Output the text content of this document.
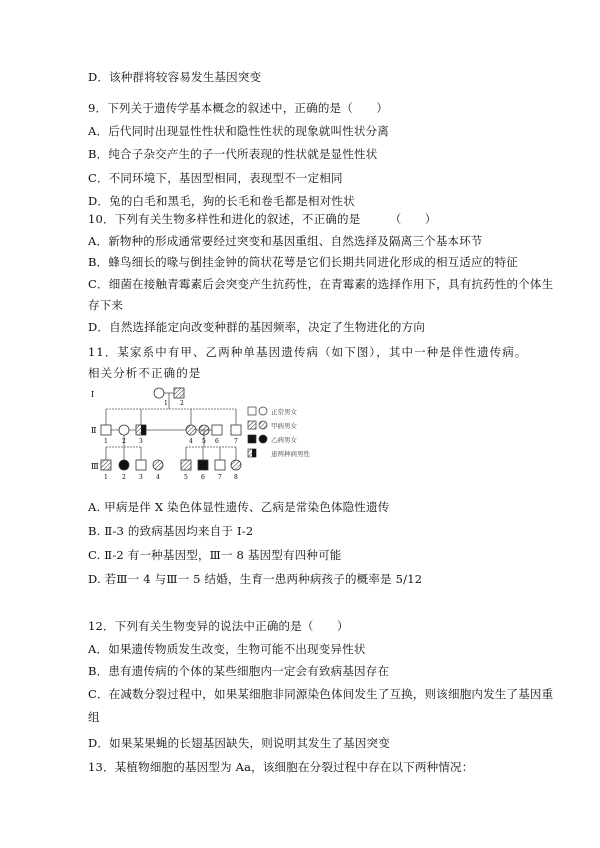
D．该种群将较容易发生基因突变
9．下列关于遗传学基本概念的叙述中，正确的是（　　）
A．后代同时出现显性性状和隐性性状的现象就叫性状分离
B．纯合子杂交产生的子一代所表现的性状就是显性性状
C．不同环境下，基因型相同，表现型不一定相同
D．兔的白毛和黑毛，狗的长毛和卷毛都是相对性状
10．下列有关生物多样性和进化的叙述，不正确的是　　　（　　）
A．新物种的形成通常要经过突变和基因重组、自然选择及隔离三个基本环节
B．蜂鸟细长的喙与倒挂金钟的筒状花萼是它们长期共同进化形成的相互适应的特征
C．细菌在接触青霉素后会突变产生抗药性，在青霉素的选择作用下，具有抗药性的个体生
存下来
D．自然选择能定向改变种群的基因频率，决定了生物进化的方向
11．某家系中有甲、乙两种单基因遗传病（如下图），其中一种是伴性遗传病。
相关分析不正确的是
A. 甲病是伴 X 染色体显性遗传、乙病是常染色体隐性遗传
B. Ⅱ-3 的致病基因均来自于 I-2
C. Ⅱ-2 有一种基因型，Ⅲ一 8 基因型有四种可能
D. 若Ⅲ一 4 与Ⅲ一 5 结婚，生育一患两种病孩子的概率是 5/12
12．下列有关生物变异的说法中正确的是（　　）
A．如果遗传物质发生改变，生物可能不出现变异性状
B．患有遗传病的个体的某些细胞内一定会有致病基因存在
C．在减数分裂过程中，如果某细胞非同源染色体间发生了互换，则该细胞内发生了基因重
组
D．如果某果蝇的长翅基因缺失，则说明其发生了基因突变
13．某植物细胞的基因型为 Aa，该细胞在分裂过程中存在以下两种情况：
Ⅰ
Ⅱ
Ⅲ
1 2
1 2 3	4 5 6	7
1 2 3 4	5 6 7 8
正常男女
甲病男女
乙病男女
患两种病男性
